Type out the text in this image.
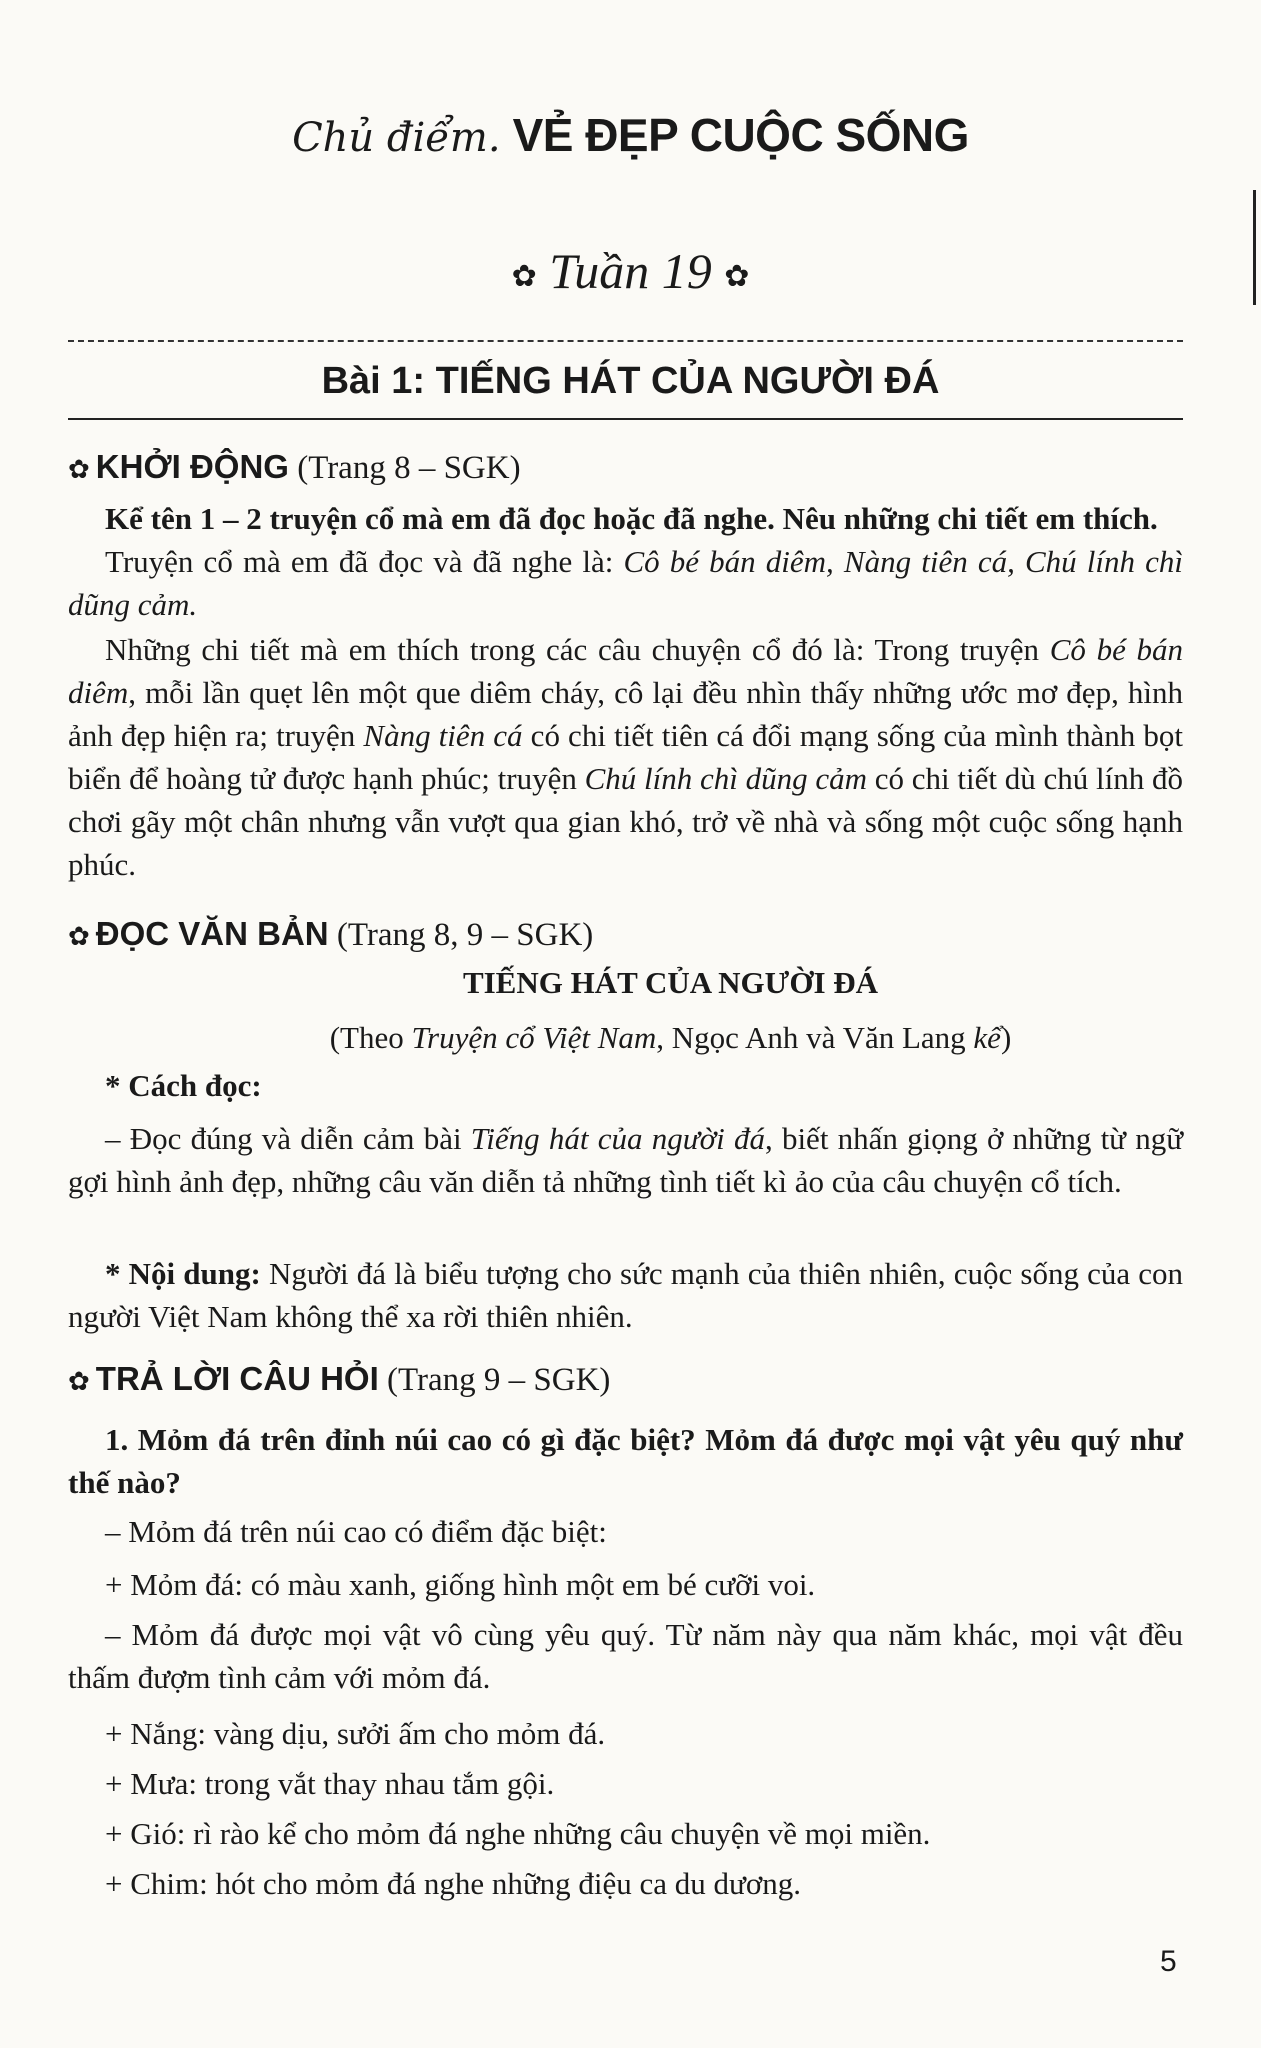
Chủ điểm. VẺ ĐẸP CUỘC SỐNG
✿ Tuần 19 ✿
Bài 1: TIẾNG HÁT CỦA NGƯỜI ĐÁ
✿ KHỞI ĐỘNG (Trang 8 – SGK)
Kể tên 1 – 2 truyện cổ mà em đã đọc hoặc đã nghe. Nêu những chi tiết em thích.
Truyện cổ mà em đã đọc và đã nghe là: Cô bé bán diêm, Nàng tiên cá, Chú lính chì dũng cảm.
Những chi tiết mà em thích trong các câu chuyện cổ đó là: Trong truyện Cô bé bán diêm, mỗi lần quẹt lên một que diêm cháy, cô lại đều nhìn thấy những ước mơ đẹp, hình ảnh đẹp hiện ra; truyện Nàng tiên cá có chi tiết tiên cá đổi mạng sống của mình thành bọt biển để hoàng tử được hạnh phúc; truyện Chú lính chì dũng cảm có chi tiết dù chú lính đồ chơi gãy một chân nhưng vẫn vượt qua gian khó, trở về nhà và sống một cuộc sống hạnh phúc.
✿ ĐỌC VĂN BẢN (Trang 8, 9 – SGK)
TIẾNG HÁT CỦA NGƯỜI ĐÁ
(Theo Truyện cổ Việt Nam, Ngọc Anh và Văn Lang kể)
* Cách đọc:
– Đọc đúng và diễn cảm bài Tiếng hát của người đá, biết nhấn giọng ở những từ ngữ gợi hình ảnh đẹp, những câu văn diễn tả những tình tiết kì ảo của câu chuyện cổ tích.
* Nội dung: Người đá là biểu tượng cho sức mạnh của thiên nhiên, cuộc sống của con người Việt Nam không thể xa rời thiên nhiên.
✿ TRẢ LỜI CÂU HỎI (Trang 9 – SGK)
1. Mỏm đá trên đỉnh núi cao có gì đặc biệt? Mỏm đá được mọi vật yêu quý như thế nào?
– Mỏm đá trên núi cao có điểm đặc biệt:
+ Mỏm đá: có màu xanh, giống hình một em bé cưỡi voi.
– Mỏm đá được mọi vật vô cùng yêu quý. Từ năm này qua năm khác, mọi vật đều thấm đượm tình cảm với mỏm đá.
+ Nắng: vàng dịu, sưởi ấm cho mỏm đá.
+ Mưa: trong vắt thay nhau tắm gội.
+ Gió: rì rào kể cho mỏm đá nghe những câu chuyện về mọi miền.
+ Chim: hót cho mỏm đá nghe những điệu ca du dương.
5
